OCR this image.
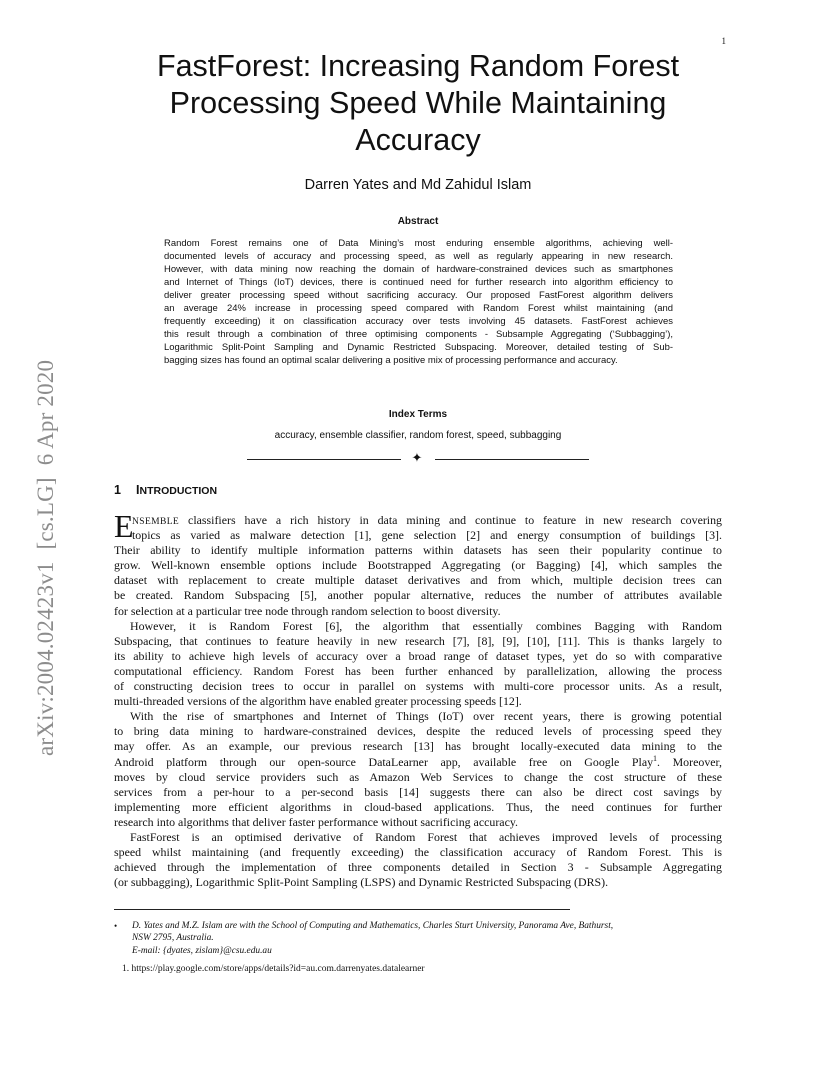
1
arXiv:2004.02423v1  [cs.LG]  6 Apr 2020
FastForest: Increasing Random Forest
Processing Speed While Maintaining
Accuracy
Darren Yates and Md Zahidul Islam
Abstract
Random Forest remains one of Data Mining’s most enduring ensemble algorithms, achieving well-
documented levels of accuracy and processing speed, as well as regularly appearing in new research.
However, with data mining now reaching the domain of hardware-constrained devices such as smartphones
and Internet of Things (IoT) devices, there is continued need for further research into algorithm efficiency to
deliver greater processing speed without sacrificing accuracy. Our proposed FastForest algorithm delivers
an average 24% increase in processing speed compared with Random Forest whilst maintaining (and
frequently exceeding) it on classification accuracy over tests involving 45 datasets. FastForest achieves
this result through a combination of three optimising components - Subsample Aggregating (‘Subbagging’),
Logarithmic Split-Point Sampling and Dynamic Restricted Subspacing. Moreover, detailed testing of Sub-
bagging sizes has found an optimal scalar delivering a positive mix of processing performance and accuracy.
Index Terms
accuracy, ensemble classifier, random forest, speed, subbagging
✦
1 INTRODUCTION
E
NSEMBLE classifiers have a rich history in data mining and continue to feature in new research covering
topics as varied as malware detection [1], gene selection [2] and energy consumption of buildings [3].
Their ability to identify multiple information patterns within datasets has seen their popularity continue to
grow. Well-known ensemble options include Bootstrapped Aggregating (or Bagging) [4], which samples the
dataset with replacement to create multiple dataset derivatives and from which, multiple decision trees can
be created. Random Subspacing [5], another popular alternative, reduces the number of attributes available
for selection at a particular tree node through random selection to boost diversity.
However, it is Random Forest [6], the algorithm that essentially combines Bagging with Random
Subspacing, that continues to feature heavily in new research [7], [8], [9], [10], [11]. This is thanks largely to
its ability to achieve high levels of accuracy over a broad range of dataset types, yet do so with comparative
computational efficiency. Random Forest has been further enhanced by parallelization, allowing the process
of constructing decision trees to occur in parallel on systems with multi-core processor units. As a result,
multi-threaded versions of the algorithm have enabled greater processing speeds [12].
With the rise of smartphones and Internet of Things (IoT) over recent years, there is growing potential
to bring data mining to hardware-constrained devices, despite the reduced levels of processing speed they
may offer. As an example, our previous research [13] has brought locally-executed data mining to the
Android platform through our open-source DataLearner app, available free on Google Play$^1$. Moreover,
moves by cloud service providers such as Amazon Web Services to change the cost structure of these
services from a per-hour to a per-second basis [14] suggests there can also be direct cost savings by
implementing more efficient algorithms in cloud-based applications. Thus, the need continues for further
research into algorithms that deliver faster performance without sacrificing accuracy.
FastForest is an optimised derivative of Random Forest that achieves improved levels of processing
speed whilst maintaining (and frequently exceeding) the classification accuracy of Random Forest. This is
achieved through the implementation of three components detailed in Section 3 - Subsample Aggregating
(or subbagging), Logarithmic Split-Point Sampling (LSPS) and Dynamic Restricted Subspacing (DRS).
• D. Yates and M.Z. Islam are with the School of Computing and Mathematics, Charles Sturt University, Panorama Ave, Bathurst,
NSW 2795, Australia.
E-mail: {dyates, zislam}@csu.edu.au
1. https://play.google.com/store/apps/details?id=au.com.darrenyates.datalearner
